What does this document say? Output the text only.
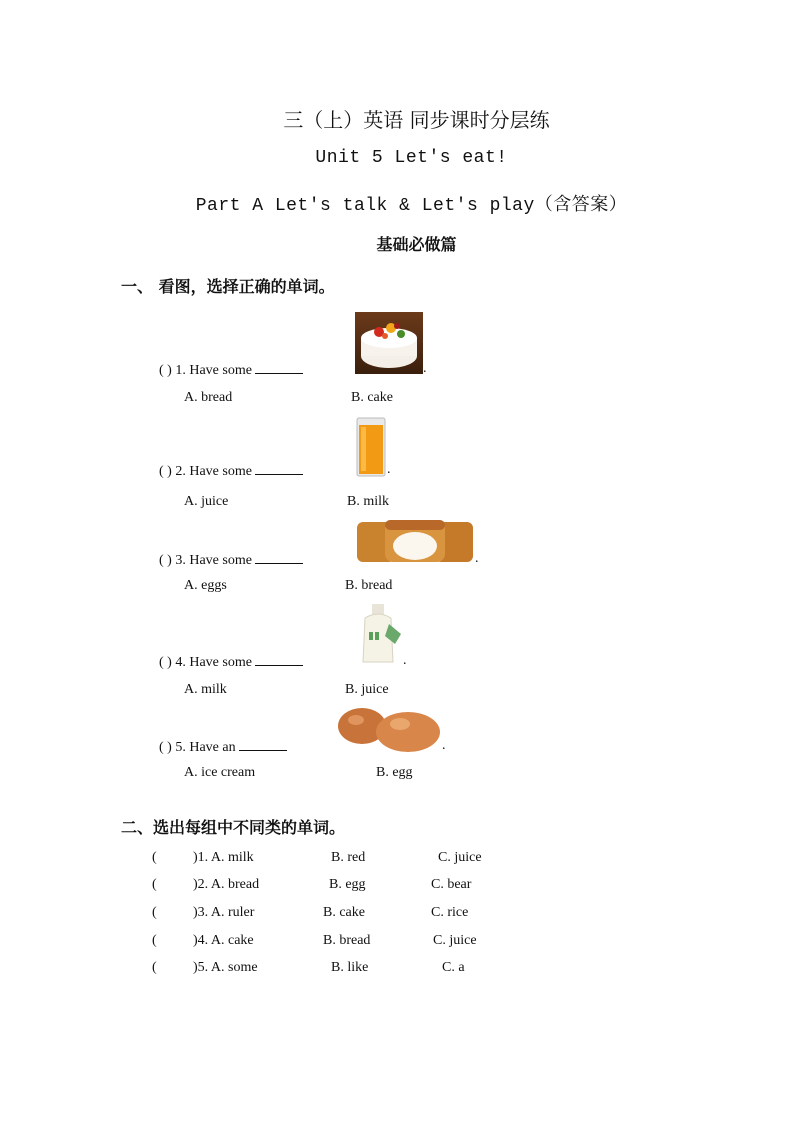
三（上）英语 同步课时分层练
Unit 5 Let's eat!
Part A Let's talk & Let's play（含答案）
基础必做篇
一、 看图，选择正确的单词。
( ) 1. Have some	.
A. bread	B. cake
( ) 2. Have some	.
A. juice	B. milk
( ) 3. Have some	.
A. eggs	B. bread
( ) 4. Have some	.
A. milk	B. juice
( ) 5. Have an	.
A. ice cream	B. egg
二、选出每组中不同类的单词。
(	)1. A. milk	B. red	C. juice
(	)2. A. bread	B. egg	C. bear
(	)3. A. ruler	B. cake	C. rice
(	)4. A. cake	B. bread	C. juice
(	)5. A. some	B. like	C. a
